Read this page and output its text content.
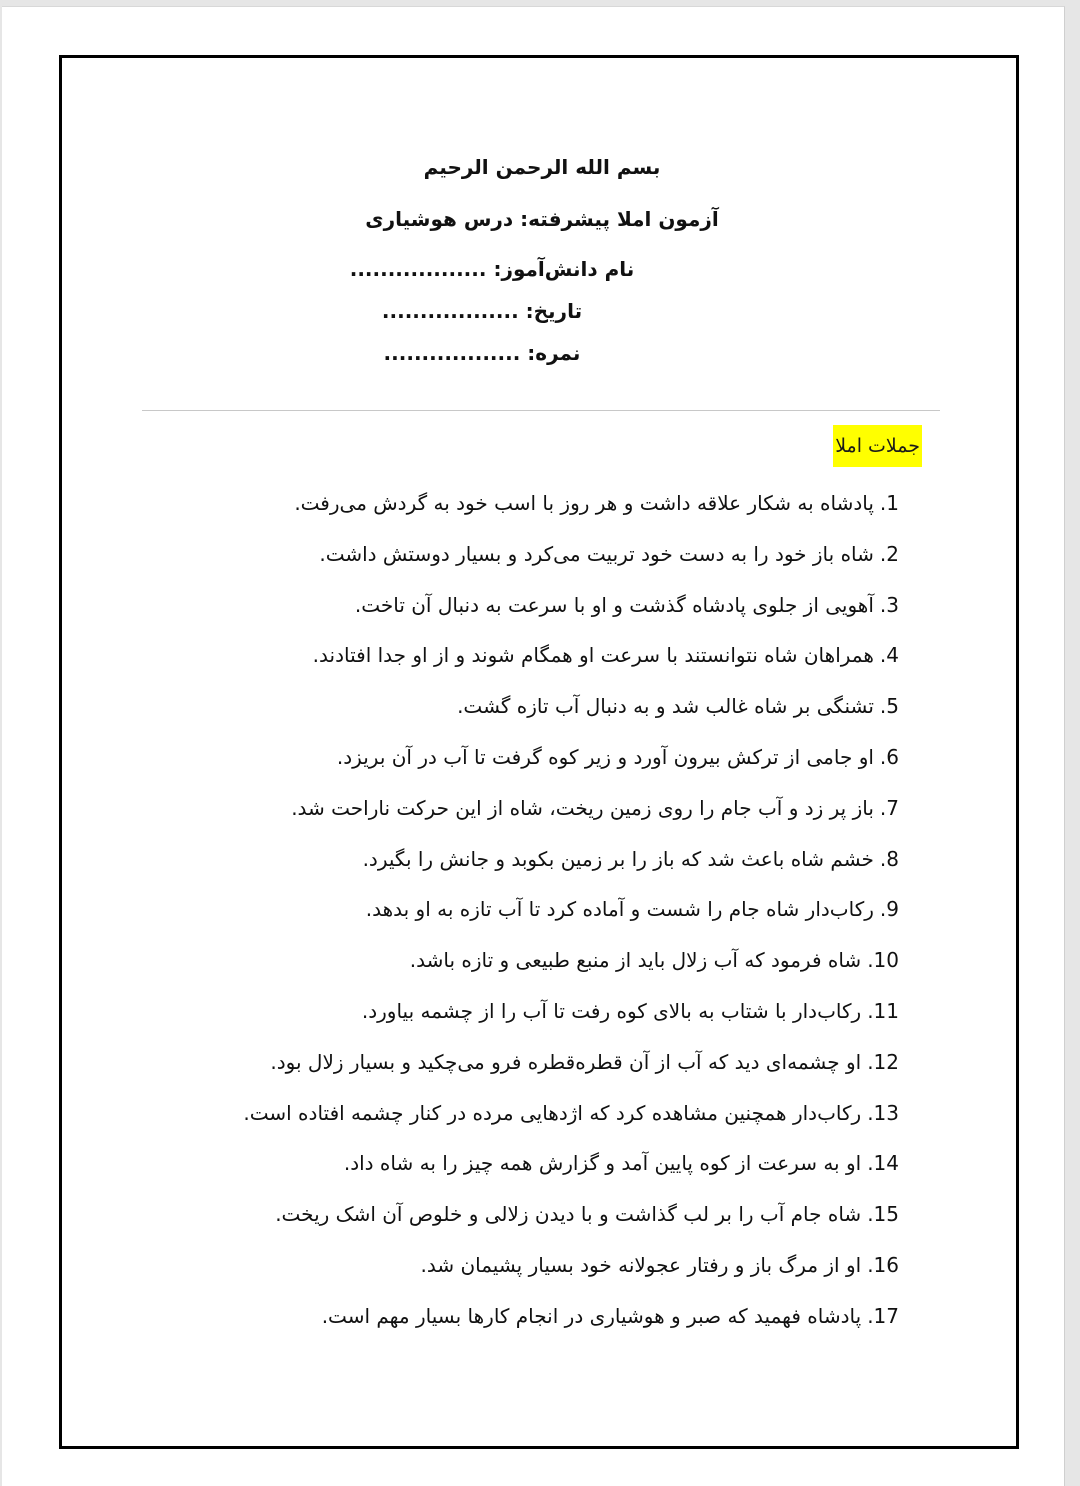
بسم الله الرحمن الرحیم
آزمون املا پیشرفته: درس هوشیاری
نام دانش‌آموز: ..................
تاریخ: ..................
نمره: ..................
جملات املا
1.پادشاه به شکار علاقه داشت و هر روز با اسب خود به گردش می‌رفت.
2.شاه باز خود را به دست خود تربیت می‌کرد و بسیار دوستش داشت.
3.آهویی از جلوی پادشاه گذشت و او با سرعت به دنبال آن تاخت.
4.همراهان شاه نتوانستند با سرعت او همگام شوند و از او جدا افتادند.
5.تشنگی بر شاه غالب شد و به دنبال آب تازه گشت.
6.او جامی از ترکش بیرون آورد و زیر کوه گرفت تا آب در آن بریزد.
7.باز پر زد و آب جام را روی زمین ریخت، شاه از این حرکت ناراحت شد.
8.خشم شاه باعث شد که باز را بر زمین بکوبد و جانش را بگیرد.
9.رکاب‌دار شاه جام را شست و آماده کرد تا آب تازه به او بدهد.
10.شاه فرمود که آب زلال باید از منبع طبیعی و تازه باشد.
11.رکاب‌دار با شتاب به بالای کوه رفت تا آب را از چشمه بیاورد.
12.او چشمه‌ای دید که آب از آن قطره‌قطره فرو می‌چکید و بسیار زلال بود.
13.رکاب‌دار همچنین مشاهده کرد که اژدهایی مرده در کنار چشمه افتاده است.
14.او به سرعت از کوه پایین آمد و گزارش همه چیز را به شاه داد.
15.شاه جام آب را بر لب گذاشت و با دیدن زلالی و خلوص آن اشک ریخت.
16.او از مرگ باز و رفتار عجولانه خود بسیار پشیمان شد.
17.پادشاه فهمید که صبر و هوشیاری در انجام کارها بسیار مهم است.
